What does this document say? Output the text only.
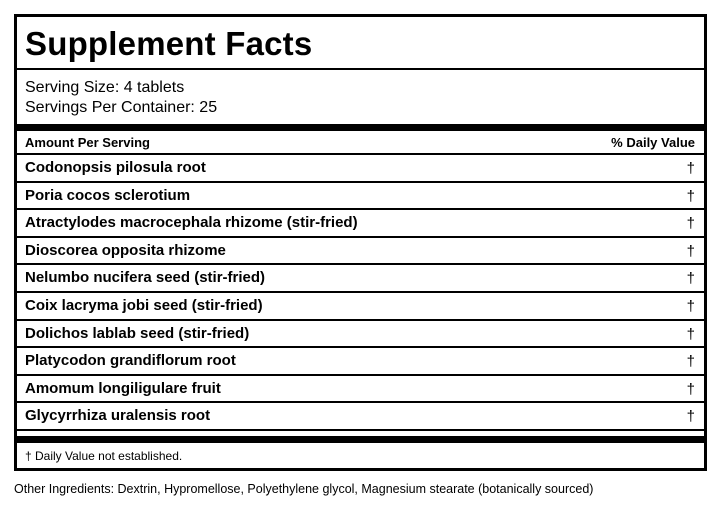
Supplement Facts
Serving Size: 4 tablets
Servings Per Container: 25
Amount Per Serving	% Daily Value
Codonopsis pilosula root	†
Poria cocos sclerotium	†
Atractylodes macrocephala rhizome (stir-fried)	†
Dioscorea opposita rhizome	†
Nelumbo nucifera seed (stir-fried)	†
Coix lacryma jobi seed (stir-fried)	†
Dolichos lablab seed (stir-fried)	†
Platycodon grandiflorum root	†
Amomum longiligulare fruit	†
Glycyrrhiza uralensis root	†
† Daily Value not established.
Other Ingredients: Dextrin, Hypromellose, Polyethylene glycol, Magnesium stearate (botanically sourced)
